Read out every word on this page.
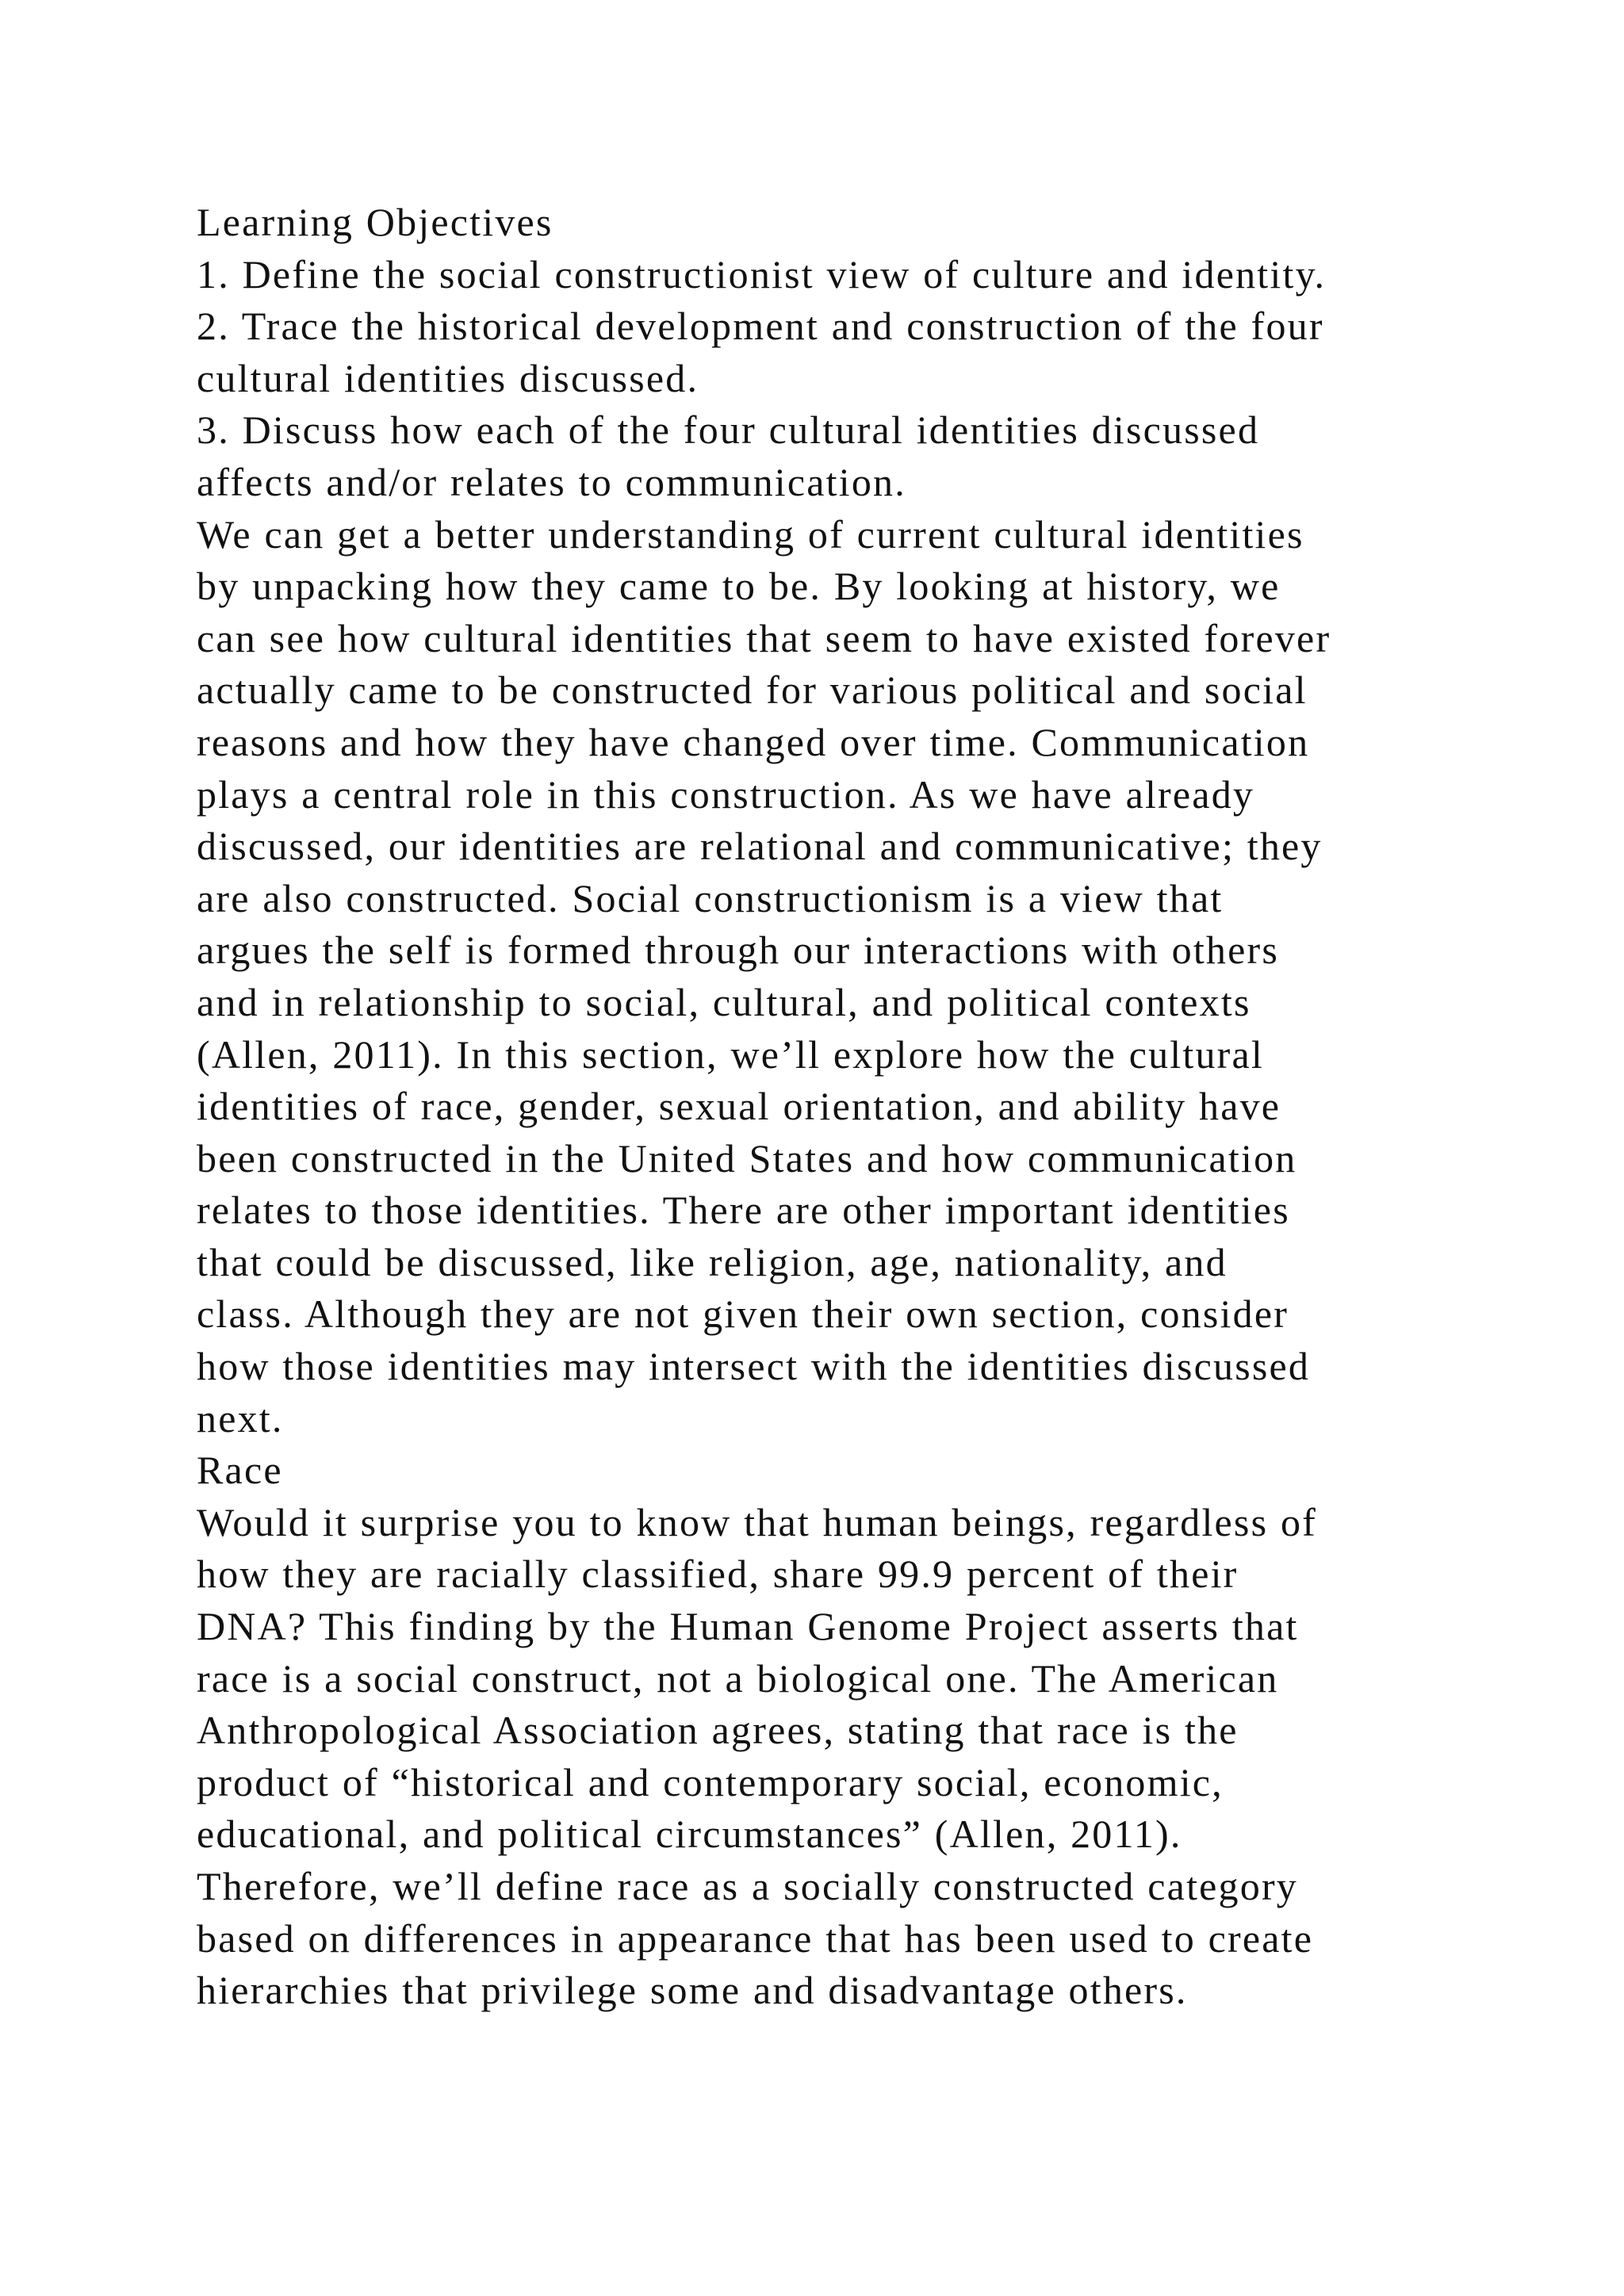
Learning Objectives
1. Define the social constructionist view of culture and identity.
2. Trace the historical development and construction of the four
cultural identities discussed.
3. Discuss how each of the four cultural identities discussed
affects and/or relates to communication.
We can get a better understanding of current cultural identities
by unpacking how they came to be. By looking at history, we
can see how cultural identities that seem to have existed forever
actually came to be constructed for various political and social
reasons and how they have changed over time. Communication
plays a central role in this construction. As we have already
discussed, our identities are relational and communicative; they
are also constructed. Social constructionism is a view that
argues the self is formed through our interactions with others
and in relationship to social, cultural, and political contexts
(Allen, 2011). In this section, we’ll explore how the cultural
identities of race, gender, sexual orientation, and ability have
been constructed in the United States and how communication
relates to those identities. There are other important identities
that could be discussed, like religion, age, nationality, and
class. Although they are not given their own section, consider
how those identities may intersect with the identities discussed
next.
Race
Would it surprise you to know that human beings, regardless of
how they are racially classified, share 99.9 percent of their
DNA? This finding by the Human Genome Project asserts that
race is a social construct, not a biological one. The American
Anthropological Association agrees, stating that race is the
product of “historical and contemporary social, economic,
educational, and political circumstances” (Allen, 2011).
Therefore, we’ll define race as a socially constructed category
based on differences in appearance that has been used to create
hierarchies that privilege some and disadvantage others.
